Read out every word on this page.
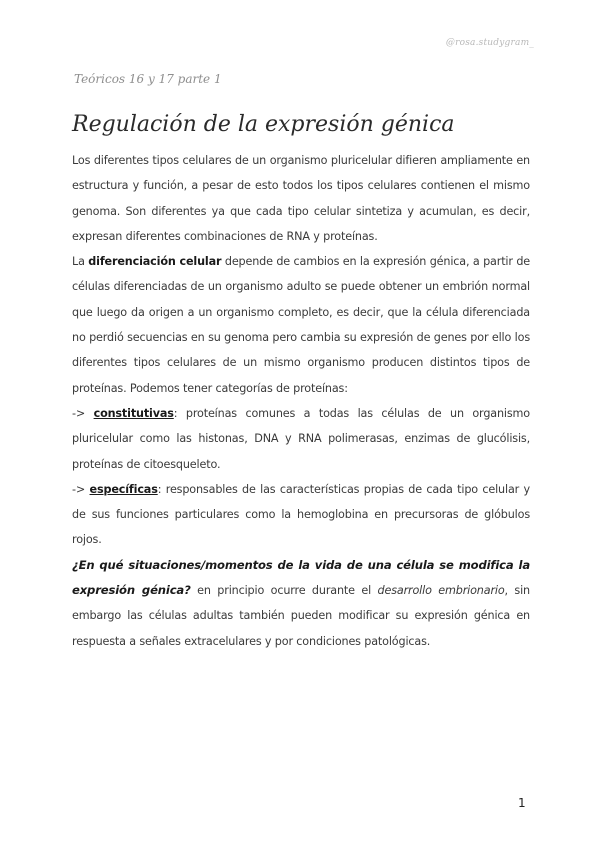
@rosa.studygram_
Teóricos 16 y 17 parte 1
Regulación de la expresión génica

Los diferentes tipos celulares de un organismo pluricelular difieren ampliamente en estructura y función, a pesar de esto todos los tipos celulares contienen el mismo genoma. Son diferentes ya que cada tipo celular sintetiza y acumulan, es decir, expresan diferentes combinaciones de RNA y proteínas.

La diferenciación celular depende de cambios en la expresión génica, a partir de células diferenciadas de un organismo adulto se puede obtener un embrión normal que luego da origen a un organismo completo, es decir, que la célula diferenciada no perdió secuencias en su genoma pero cambia su expresión de genes por ello los diferentes tipos celulares de un mismo organismo producen distintos tipos de proteínas. Podemos tener categorías de proteínas:

-> constitutivas: proteínas comunes a todas las células de un organismo pluricelular como las histonas, DNA y RNA polimerasas, enzimas de glucólisis, proteínas de citoesqueleto.

-> específicas: responsables de las características propias de cada tipo celular y de sus funciones particulares como la hemoglobina en precursoras de glóbulos rojos.

¿En qué situaciones/momentos de la vida de una célula se modifica la expresión génica? en principio ocurre durante el desarrollo embrionario, sin embargo las células adultas también pueden modificar su expresión génica en respuesta a señales extracelulares y por condiciones patológicas.

1
